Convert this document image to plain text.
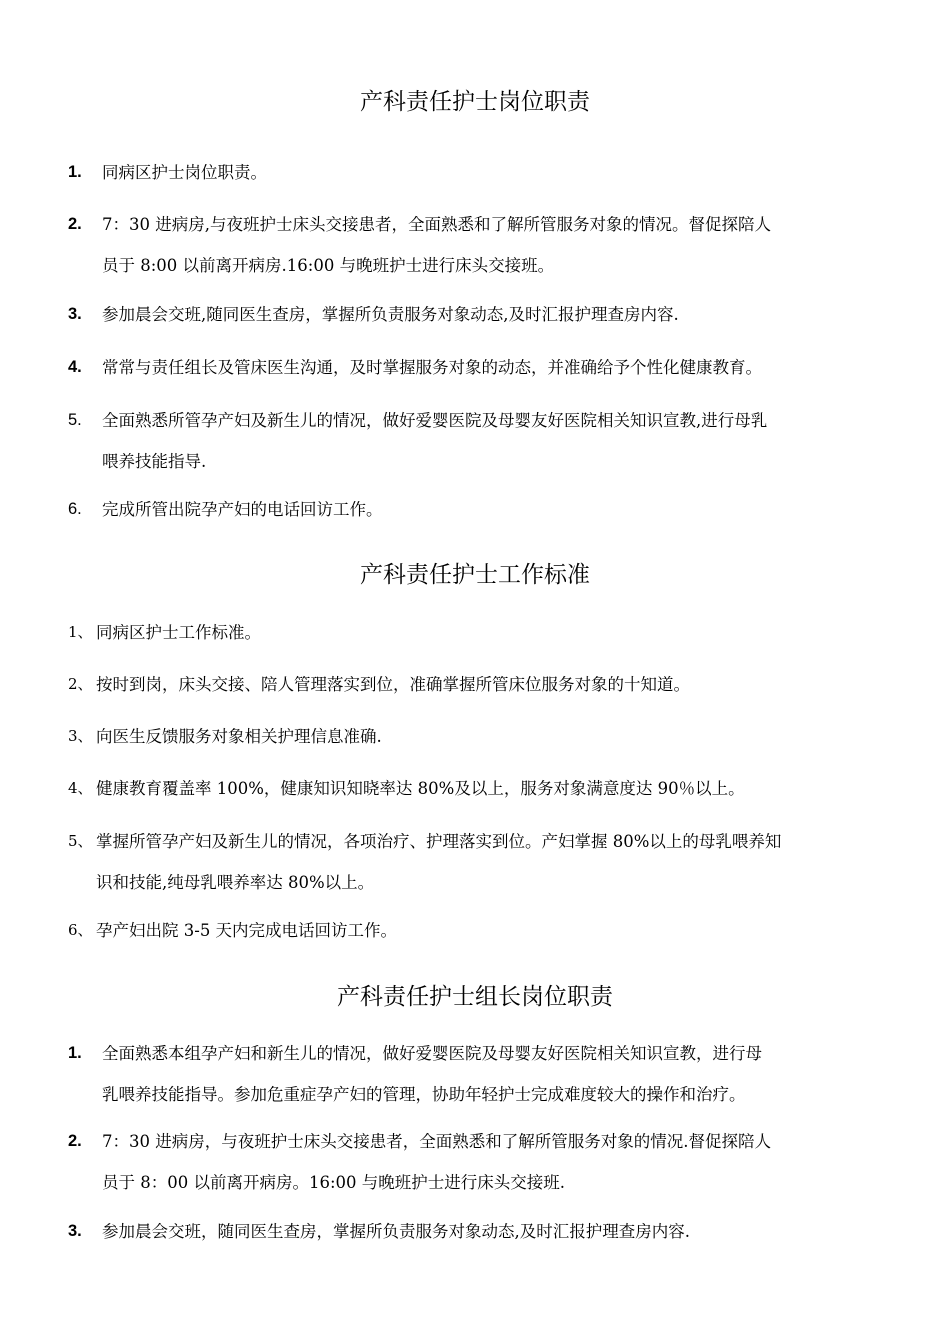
产科责任护士岗位职责
1. 同病区护士岗位职责。
2. 7：30 进病房,与夜班护士床头交接患者，全面熟悉和了解所管服务对象的情况。督促探陪人
员于 8:00 以前离开病房.16:00 与晚班护士进行床头交接班。
3. 参加晨会交班,随同医生查房，掌握所负责服务对象动态,及时汇报护理查房内容.
4. 常常与责任组长及管床医生沟通，及时掌握服务对象的动态，并准确给予个性化健康教育。
5. 全面熟悉所管孕产妇及新生儿的情况，做好爱婴医院及母婴友好医院相关知识宣教,进行母乳
喂养技能指导.
6. 完成所管出院孕产妇的电话回访工作。
产科责任护士工作标准
1、 同病区护士工作标准。
2、 按时到岗，床头交接、陪人管理落实到位，准确掌握所管床位服务对象的十知道。
3、 向医生反馈服务对象相关护理信息准确.
4、 健康教育覆盖率 100%，健康知识知晓率达 80%及以上，服务对象满意度达 90％以上。
5、 掌握所管孕产妇及新生儿的情况，各项治疗、护理落实到位。产妇掌握 80%以上的母乳喂养知
识和技能,纯母乳喂养率达 80%以上。
6、 孕产妇出院 3-5 天内完成电话回访工作。
产科责任护士组长岗位职责
1. 全面熟悉本组孕产妇和新生儿的情况，做好爱婴医院及母婴友好医院相关知识宣教，进行母
乳喂养技能指导。参加危重症孕产妇的管理，协助年轻护士完成难度较大的操作和治疗。
2. 7：30 进病房，与夜班护士床头交接患者，全面熟悉和了解所管服务对象的情况.督促探陪人
员于 8：00 以前离开病房。16:00 与晚班护士进行床头交接班.
3. 参加晨会交班，随同医生查房，掌握所负责服务对象动态,及时汇报护理查房内容.
